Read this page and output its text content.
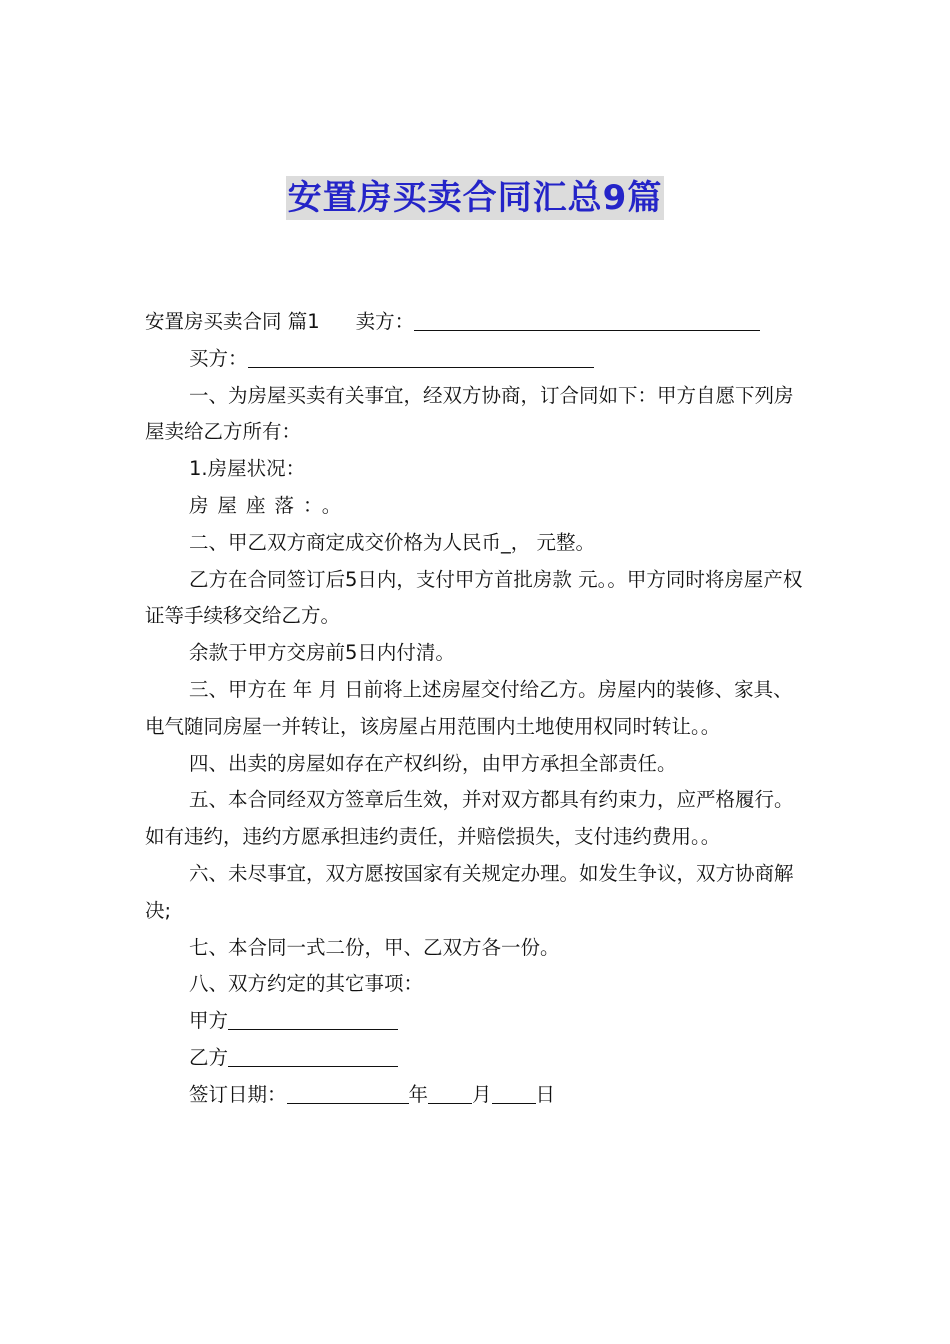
安置房买卖合同汇总9篇

安置房买卖合同 篇1 卖方：

买方：

一、为房屋买卖有关事宜，经双方协商，订合同如下：甲方自愿下列房屋卖给乙方所有：

1.房屋状况：

房屋座落：。

二、甲乙双方商定成交价格为人民币_， 元整。

乙方在合同签订后5日内，支付甲方首批房款 元。。甲方同时将房屋产权证等手续移交给乙方。

余款于甲方交房前5日内付清。

三、甲方在 年 月 日前将上述房屋交付给乙方。房屋内的装修、家具、电气随同房屋一并转让，该房屋占用范围内土地使用权同时转让。。

四、出卖的房屋如存在产权纠纷，由甲方承担全部责任。

五、本合同经双方签章后生效，并对双方都具有约束力，应严格履行。如有违约，违约方愿承担违约责任，并赔偿损失，支付违约费用。。

六、未尽事宜，双方愿按国家有关规定办理。如发生争议，双方协商解决;

七、本合同一式二份，甲、乙双方各一份。

八、双方约定的其它事项：

甲方

乙方

签订日期：	年 月 日
